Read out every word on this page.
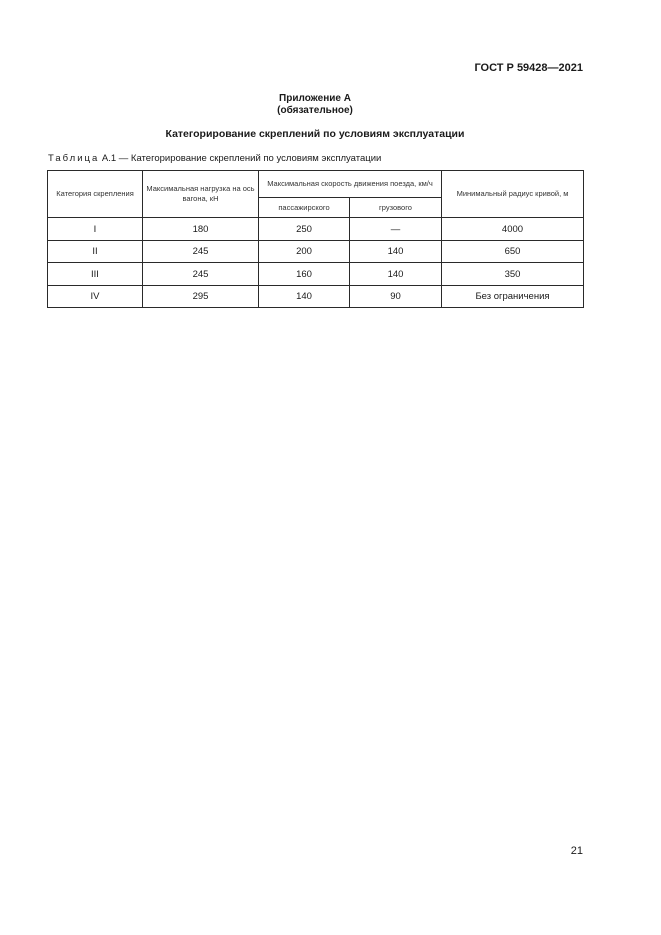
ГОСТ Р 59428—2021
Приложение А
(обязательное)
Категорирование скреплений по условиям эксплуатации
Таблица А.1 — Категорирование скреплений по условиям эксплуатации
Категория скрепления	Максимальная нагрузка на ось вагона, кН	Максимальная скорость движения поезда, км/ч		Минимальный радиус кривой, м
		пассажирского	грузового	
I	180	250	—	4000
II	245	200	140	650
III	245	160	140	350
IV	295	140	90	Без ограничения
21
